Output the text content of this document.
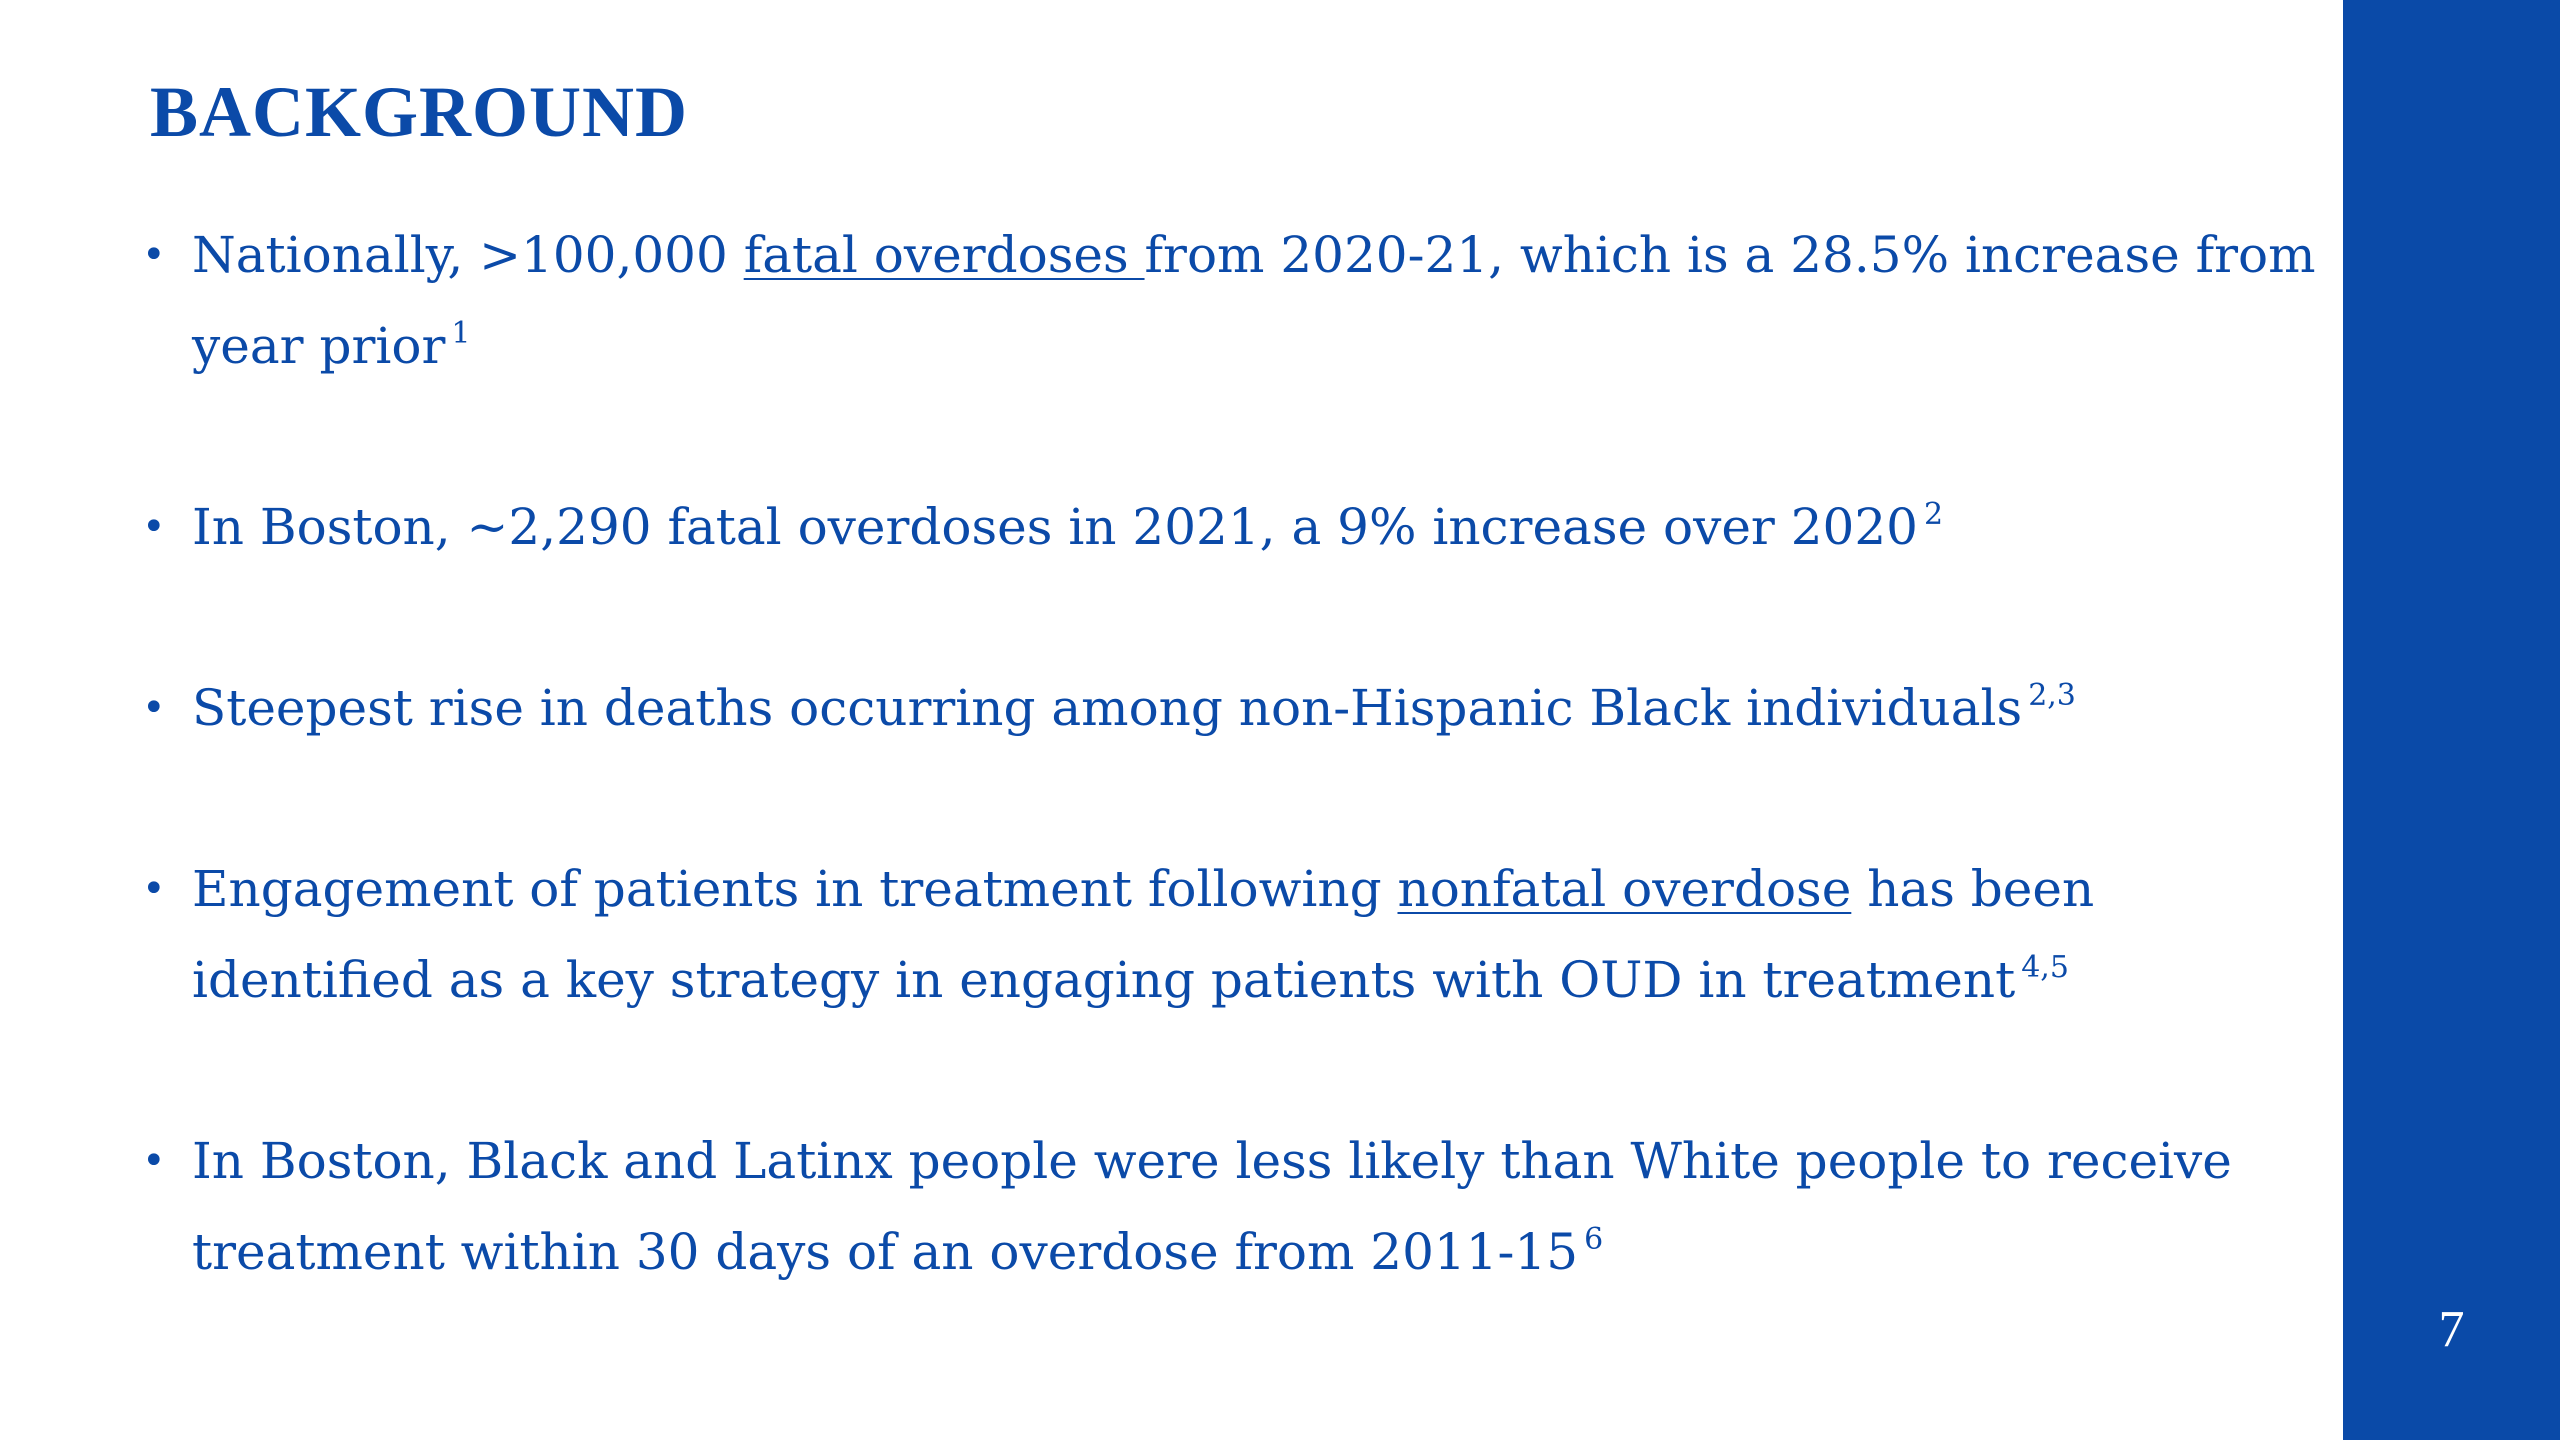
BACKGROUND
• Nationally, >100,000 fatal overdoses from 2020-21, which is a 28.5% increase from
year prior $^1$
• In Boston, ~2,290 fatal overdoses in 2021, a 9% increase over 2020 $^2$
• Steepest rise in deaths occurring among non-Hispanic Black individuals $^{2,3}$
• Engagement of patients in treatment following nonfatal overdose has been
identified as a key strategy in engaging patients with OUD in treatment $^{4,5}$
• In Boston, Black and Latinx people were less likely than White people to receive
treatment within 30 days of an overdose from 2011-15 $^6$
7
